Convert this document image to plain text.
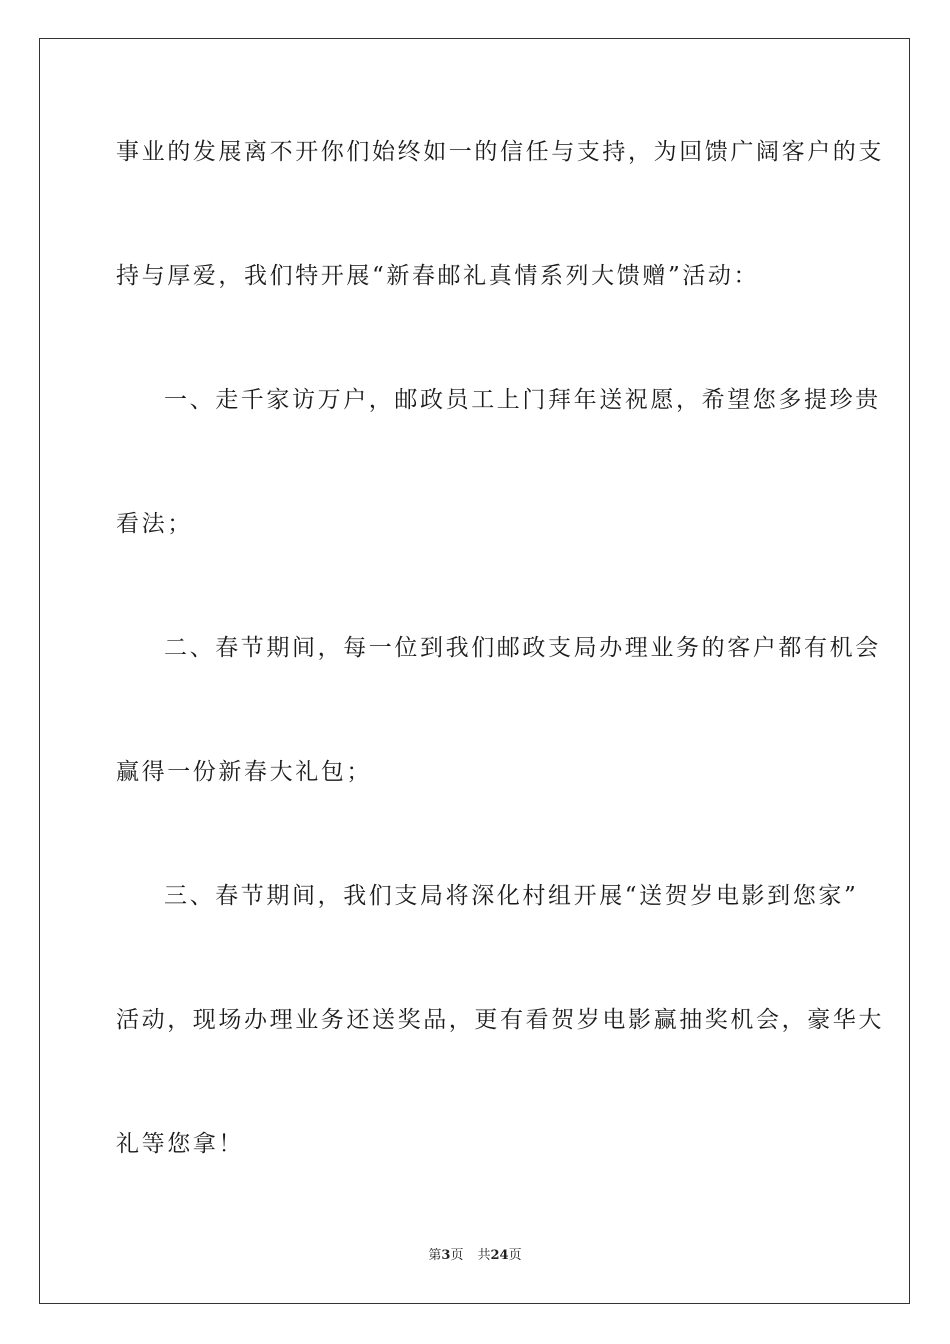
事业的发展离不开你们始终如一的信任与支持，为回馈广阔客户的支
持与厚爱，我们特开展“新春邮礼真情系列大馈赠”活动：
一、走千家访万户，邮政员工上门拜年送祝愿，希望您多提珍贵
看法；
二、春节期间，每一位到我们邮政支局办理业务的客户都有机会
赢得一份新春大礼包；
三、春节期间，我们支局将深化村组开展“送贺岁电影到您家”
活动，现场办理业务还送奖品，更有看贺岁电影赢抽奖机会，豪华大
礼等您拿！
第3页 共24页
